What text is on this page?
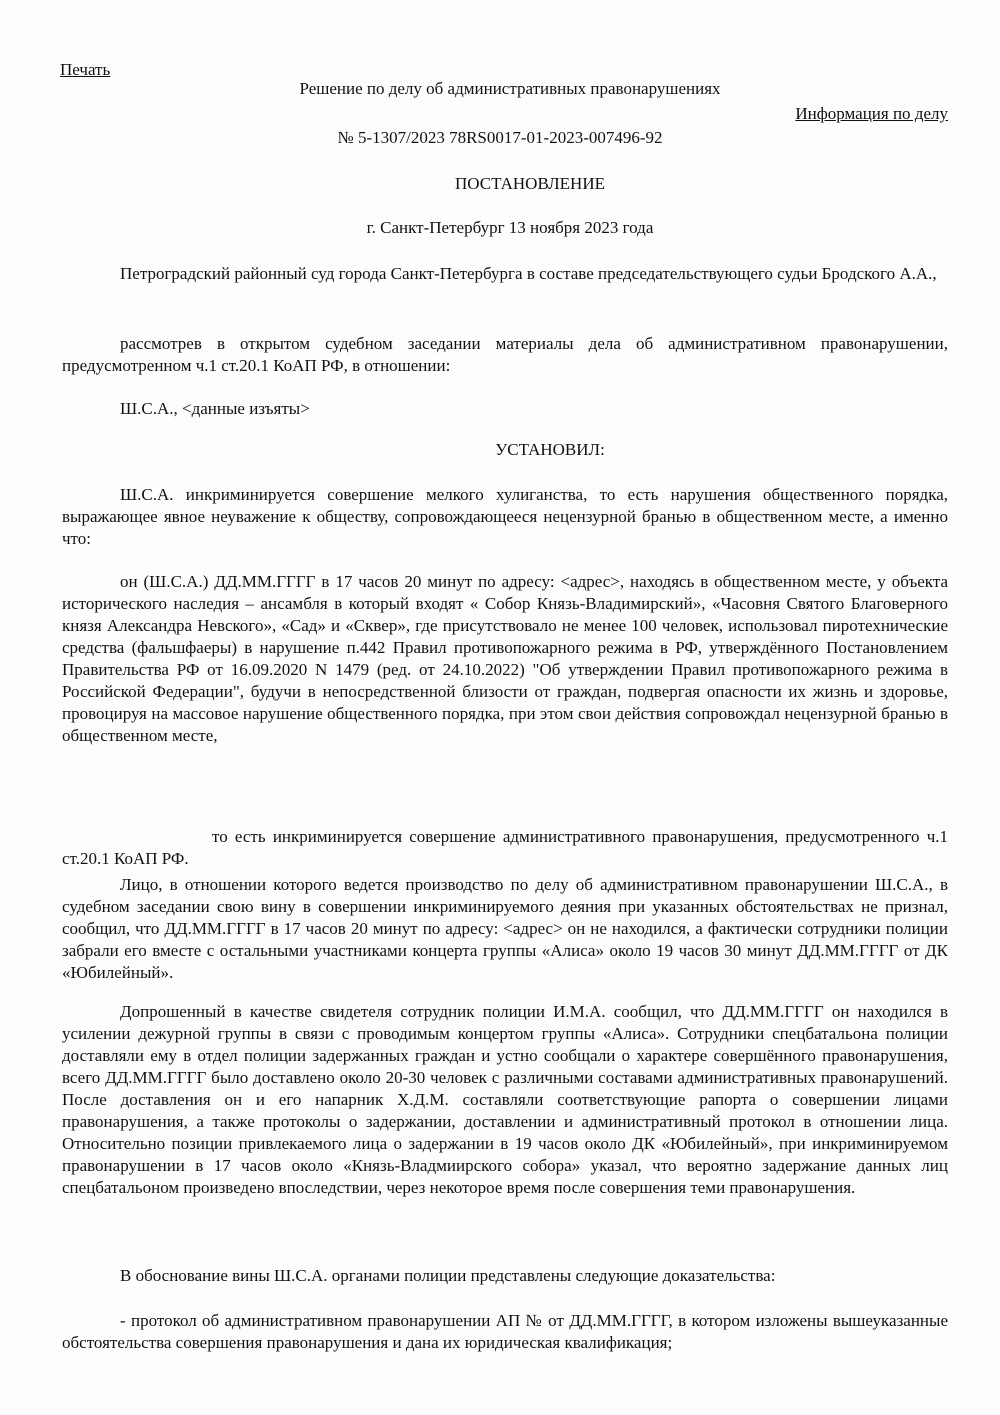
Печать
Решение по делу об административных правонарушениях
Информация по делу
№ 5-1307/2023 78RS0017-01-2023-007496-92
ПОСТАНОВЛЕНИЕ
г. Санкт-Петербург 13 ноября 2023 года

Петроградский районный суд города Санкт-Петербурга в составе председательствующего судьи Бродского А.А.,

рассмотрев в открытом судебном заседании материалы дела об административном правонарушении, предусмотренном ч.1 ст.20.1 КоАП РФ, в отношении:

Ш.С.А., <данные изъяты>

УСТАНОВИЛ:

Ш.С.А. инкриминируется совершение мелкого хулиганства, то есть нарушения общественного порядка, выражающее явное неуважение к обществу, сопровождающееся нецензурной бранью в общественном месте, а именно что:

он (Ш.С.А.) ДД.ММ.ГГГГ в 17 часов 20 минут по адресу: <адрес>, находясь в общественном месте, у объекта исторического наследия – ансамбля в который входят « Собор Князь-Владимирский», «Часовня Святого Благоверного князя Александра Невского», «Сад» и «Сквер», где присутствовало не менее 100 человек, использовал пиротехнические средства (фальшфаеры) в нарушение п.442 Правил противопожарного режима в РФ, утверждённого Постановлением Правительства РФ от 16.09.2020 N 1479 (ред. от 24.10.2022) "Об утверждении Правил противопожарного режима в Российской Федерации", будучи в непосредственной близости от граждан, подвергая опасности их жизнь и здоровье, провоцируя на массовое нарушение общественного порядка, при этом свои действия сопровождал нецензурной бранью в общественном месте,

то есть инкриминируется совершение административного правонарушения, предусмотренного ч.1 ст.20.1 КоАП РФ.

Лицо, в отношении которого ведется производство по делу об административном правонарушении Ш.С.А., в судебном заседании свою вину в совершении инкриминируемого деяния при указанных обстоятельствах не признал, сообщил, что ДД.ММ.ГГГГ в 17 часов 20 минут по адресу: <адрес> он не находился, а фактически сотрудники полиции забрали его вместе с остальными участниками концерта группы «Алиса» около 19 часов 30 минут ДД.ММ.ГГГГ от ДК «Юбилейный».

Допрошенный в качестве свидетеля сотрудник полиции И.М.А. сообщил, что ДД.ММ.ГГГГ он находился в усилении дежурной группы в связи с проводимым концертом группы «Алиса». Сотрудники спецбатальона полиции доставляли ему в отдел полиции задержанных граждан и устно сообщали о характере совершённого правонарушения, всего ДД.ММ.ГГГГ было доставлено около 20-30 человек с различными составами административных правонарушений. После доставления он и его напарник Х.Д.М. составляли соответствующие рапорта о совершении лицами правонарушения, а также протоколы о задержании, доставлении и административный протокол в отношении лица. Относительно позиции привлекаемого лица о задержании в 19 часов около ДК «Юбилейный», при инкриминируемом правонарушении в 17 часов около «Князь-Владмиирского собора» указал, что вероятно задержание данных лиц спецбатальоном произведено впоследствии, через некоторое время после совершения теми правонарушения.

В обоснование вины Ш.С.А. органами полиции представлены следующие доказательства:

- протокол об административном правонарушении АП № от ДД.ММ.ГГГГ, в котором изложены вышеуказанные обстоятельства совершения правонарушения и дана их юридическая квалификация;
